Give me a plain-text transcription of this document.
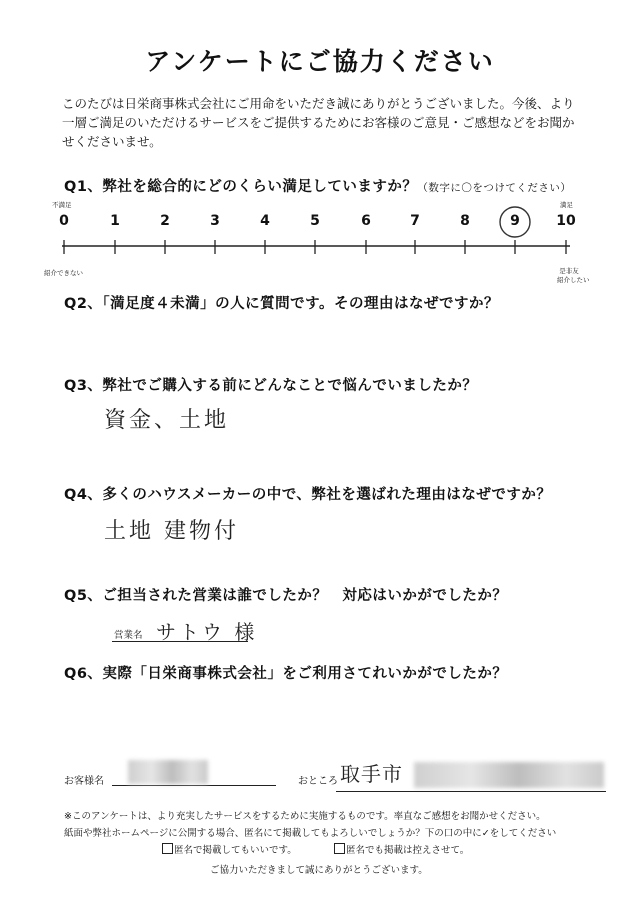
アンケートにご協力ください
このたびは日栄商事株式会社にご用命をいただき誠にありがとうございました。今後、より一層ご満足のいただけるサービスをご提供するためにお客様のご意見・ご感想などをお聞かせくださいませ。
Q1、弊社を総合的にどのくらい満足していますか？（数字に〇をつけてください）
不満足	満足
0	1	2	3	4	5	6	7	8	9	10
紹介できない	是非友
紹介したい
Q2、「満足度４未満」の人に質問です。その理由はなぜですか？
Q3、弊社でご購入する前にどんなことで悩んでいましたか？
資金、土地
Q4、多くのハウスメーカーの中で、弊社を選ばれた理由はなぜですか？
土地 建物付
Q5、ご担当された営業は誰でしたか？　対応はいかがでしたか？
営業名 サトウ 様
Q6、実際「日栄商事株式会社」をご利用さてれいかがでしたか？
お客様名	おところ 取手市
※このアンケートは、より充実したサービスをするために実施するものです。率直なご感想をお聞かせください。
紙面や弊社ホームページに公開する場合、匿名にて掲載してもよろしいでしょうか？下の口の中に✓をしてください
匿名で掲載してもいいです。	匿名でも掲載は控えさせて。
ご協力いただきまして誠にありがとうございます。
